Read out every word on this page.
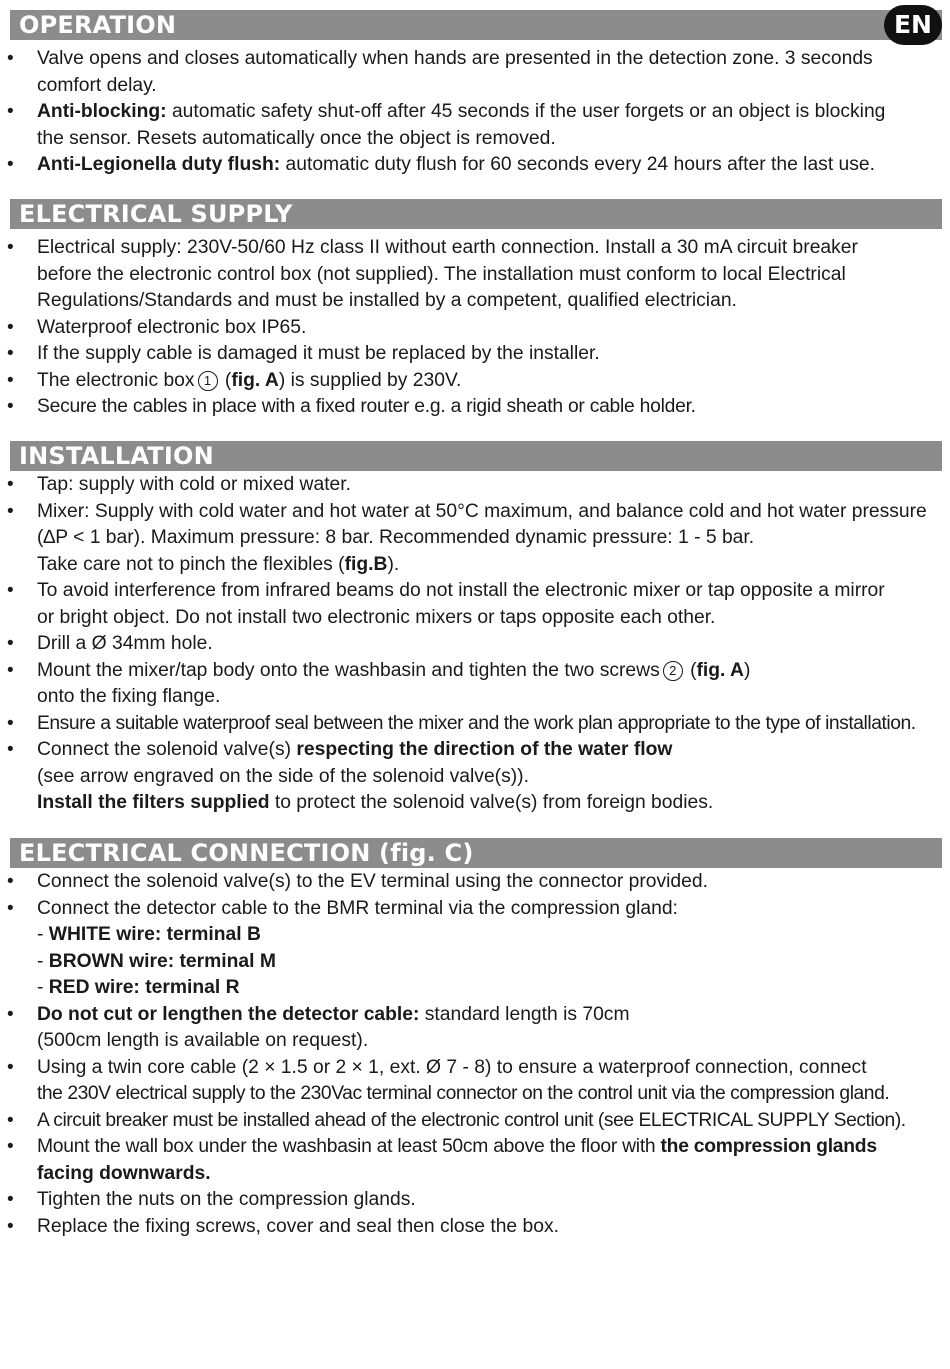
OPERATION	EN
• Valve opens and closes automatically when hands are presented in the detection zone. 3 seconds
comfort delay.
• Anti-blocking: automatic safety shut-off after 45 seconds if the user forgets or an object is blocking
the sensor. Resets automatically once the object is removed.
• Anti-Legionella duty flush: automatic duty flush for 60 seconds every 24 hours after the last use.
ELECTRICAL SUPPLY
• Electrical supply: 230V-50/60 Hz class II without earth connection. Install a 30 mA circuit breaker
before the electronic control box (not supplied). The installation must conform to local Electrical
Regulations/Standards and must be installed by a competent, qualified electrician.
• Waterproof electronic box IP65.
• If the supply cable is damaged it must be replaced by the installer.
• The electronic box 1 (fig. A) is supplied by 230V.
• Secure the cables in place with a fixed router e.g. a rigid sheath or cable holder.
INSTALLATION
• Tap: supply with cold or mixed water.
• Mixer: Supply with cold water and hot water at 50°C maximum, and balance cold and hot water pressure
(∆P < 1 bar). Maximum pressure: 8 bar. Recommended dynamic pressure: 1 - 5 bar.
Take care not to pinch the flexibles (fig.B).
• To avoid interference from infrared beams do not install the electronic mixer or tap opposite a mirror
or bright object. Do not install two electronic mixers or taps opposite each other.
• Drill a Ø 34mm hole.
• Mount the mixer/tap body onto the washbasin and tighten the two screws 2 (fig. A)
onto the fixing flange.
• Ensure a suitable waterproof seal between the mixer and the work plan appropriate to the type of installation.
• Connect the solenoid valve(s) respecting the direction of the water flow
(see arrow engraved on the side of the solenoid valve(s)).
Install the filters supplied to protect the solenoid valve(s) from foreign bodies.
ELECTRICAL CONNECTION (fig. C)
• Connect the solenoid valve(s) to the EV terminal using the connector provided.
• Connect the detector cable to the BMR terminal via the compression gland:
- WHITE wire: terminal B
- BROWN wire: terminal M
- RED wire: terminal R
• Do not cut or lengthen the detector cable: standard length is 70cm
(500cm length is available on request).
• Using a twin core cable (2 × 1.5 or 2 × 1, ext. Ø 7 - 8) to ensure a waterproof connection, connect
the 230V electrical supply to the 230Vac terminal connector on the control unit via the compression gland.
• A circuit breaker must be installed ahead of the electronic control unit (see ELECTRICAL SUPPLY Section).
• Mount the wall box under the washbasin at least 50cm above the floor with the compression glands
facing downwards.
• Tighten the nuts on the compression glands.
• Replace the fixing screws, cover and seal then close the box.
